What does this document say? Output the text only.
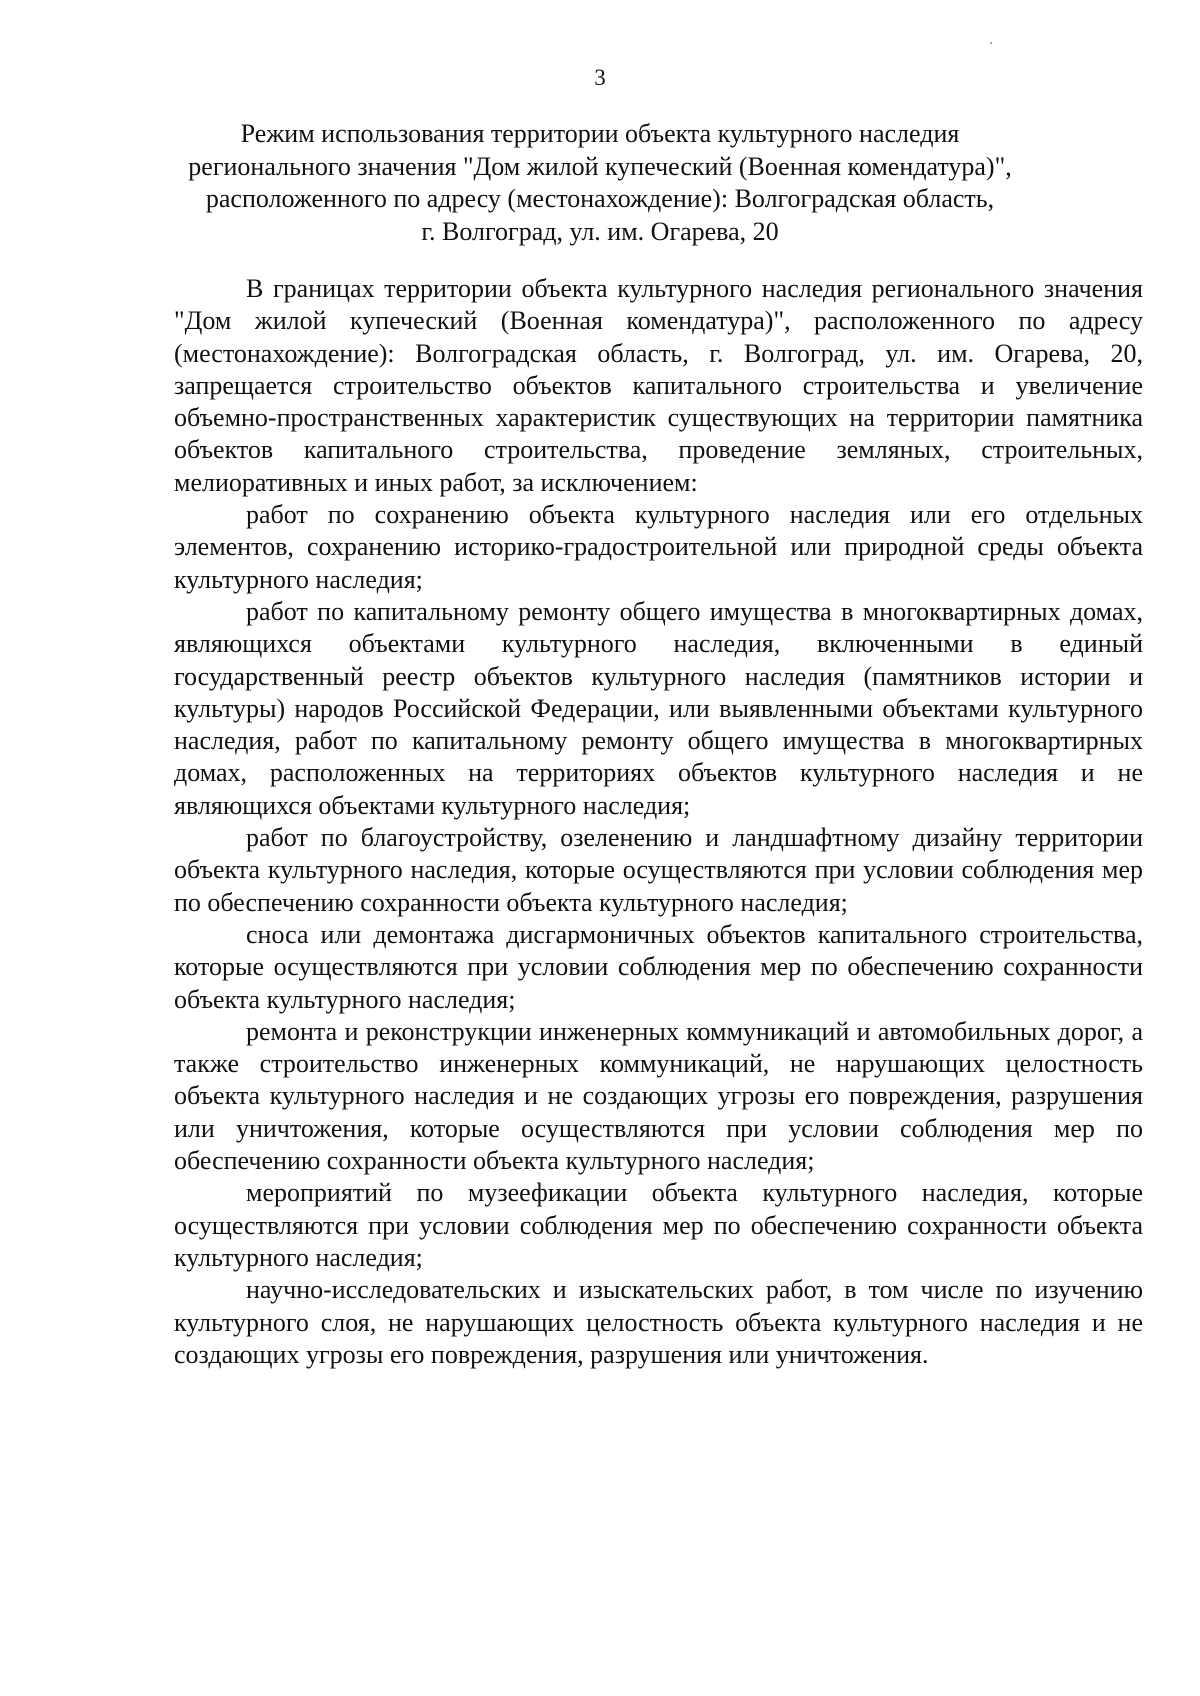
3
Режим использования территории объекта культурного наследия
регионального значения "Дом жилой купеческий (Военная комендатура)",
расположенного по адресу (местонахождение): Волгоградская область,
г. Волгоград, ул. им. Огарева, 20

В границах территории объекта культурного наследия регионального значения "Дом жилой купеческий (Военная комендатура)", расположенного по адресу (местонахождение): Волгоградская область, г. Волгоград, ул. им. Огарева, 20, запрещается строительство объектов капитального строительства и увеличение объемно-пространственных характеристик существующих на территории памятника объектов капитального строительства, проведение земляных, строительных, мелиоративных и иных работ, за исключением:

работ по сохранению объекта культурного наследия или его отдельных элементов, сохранению историко-градостроительной или природной среды объекта культурного наследия;

работ по капитальному ремонту общего имущества в многоквартирных домах, являющихся объектами культурного наследия, включенными в единый государственный реестр объектов культурного наследия (памятников истории и культуры) народов Российской Федерации, или выявленными объектами культурного наследия, работ по капитальному ремонту общего имущества в многоквартирных домах, расположенных на территориях объектов культурного наследия и не являющихся объектами культурного наследия;

работ по благоустройству, озеленению и ландшафтному дизайну территории объекта культурного наследия, которые осуществляются при условии соблюдения мер по обеспечению сохранности объекта культурного наследия;

сноса или демонтажа дисгармоничных объектов капитального строительства, которые осуществляются при условии соблюдения мер по обеспечению сохранности объекта культурного наследия;

ремонта и реконструкции инженерных коммуникаций и автомобильных дорог, а также строительство инженерных коммуникаций, не нарушающих целостность объекта культурного наследия и не создающих угрозы его повреждения, разрушения или уничтожения, которые осуществляются при условии соблюдения мер по обеспечению сохранности объекта культурного наследия;

мероприятий по музеефикации объекта культурного наследия, которые осуществляются при условии соблюдения мер по обеспечению сохранности объекта культурного наследия;

научно-исследовательских и изыскательских работ, в том числе по изучению культурного слоя, не нарушающих целостность объекта культурного наследия и не создающих угрозы его повреждения, разрушения или уничтожения.
